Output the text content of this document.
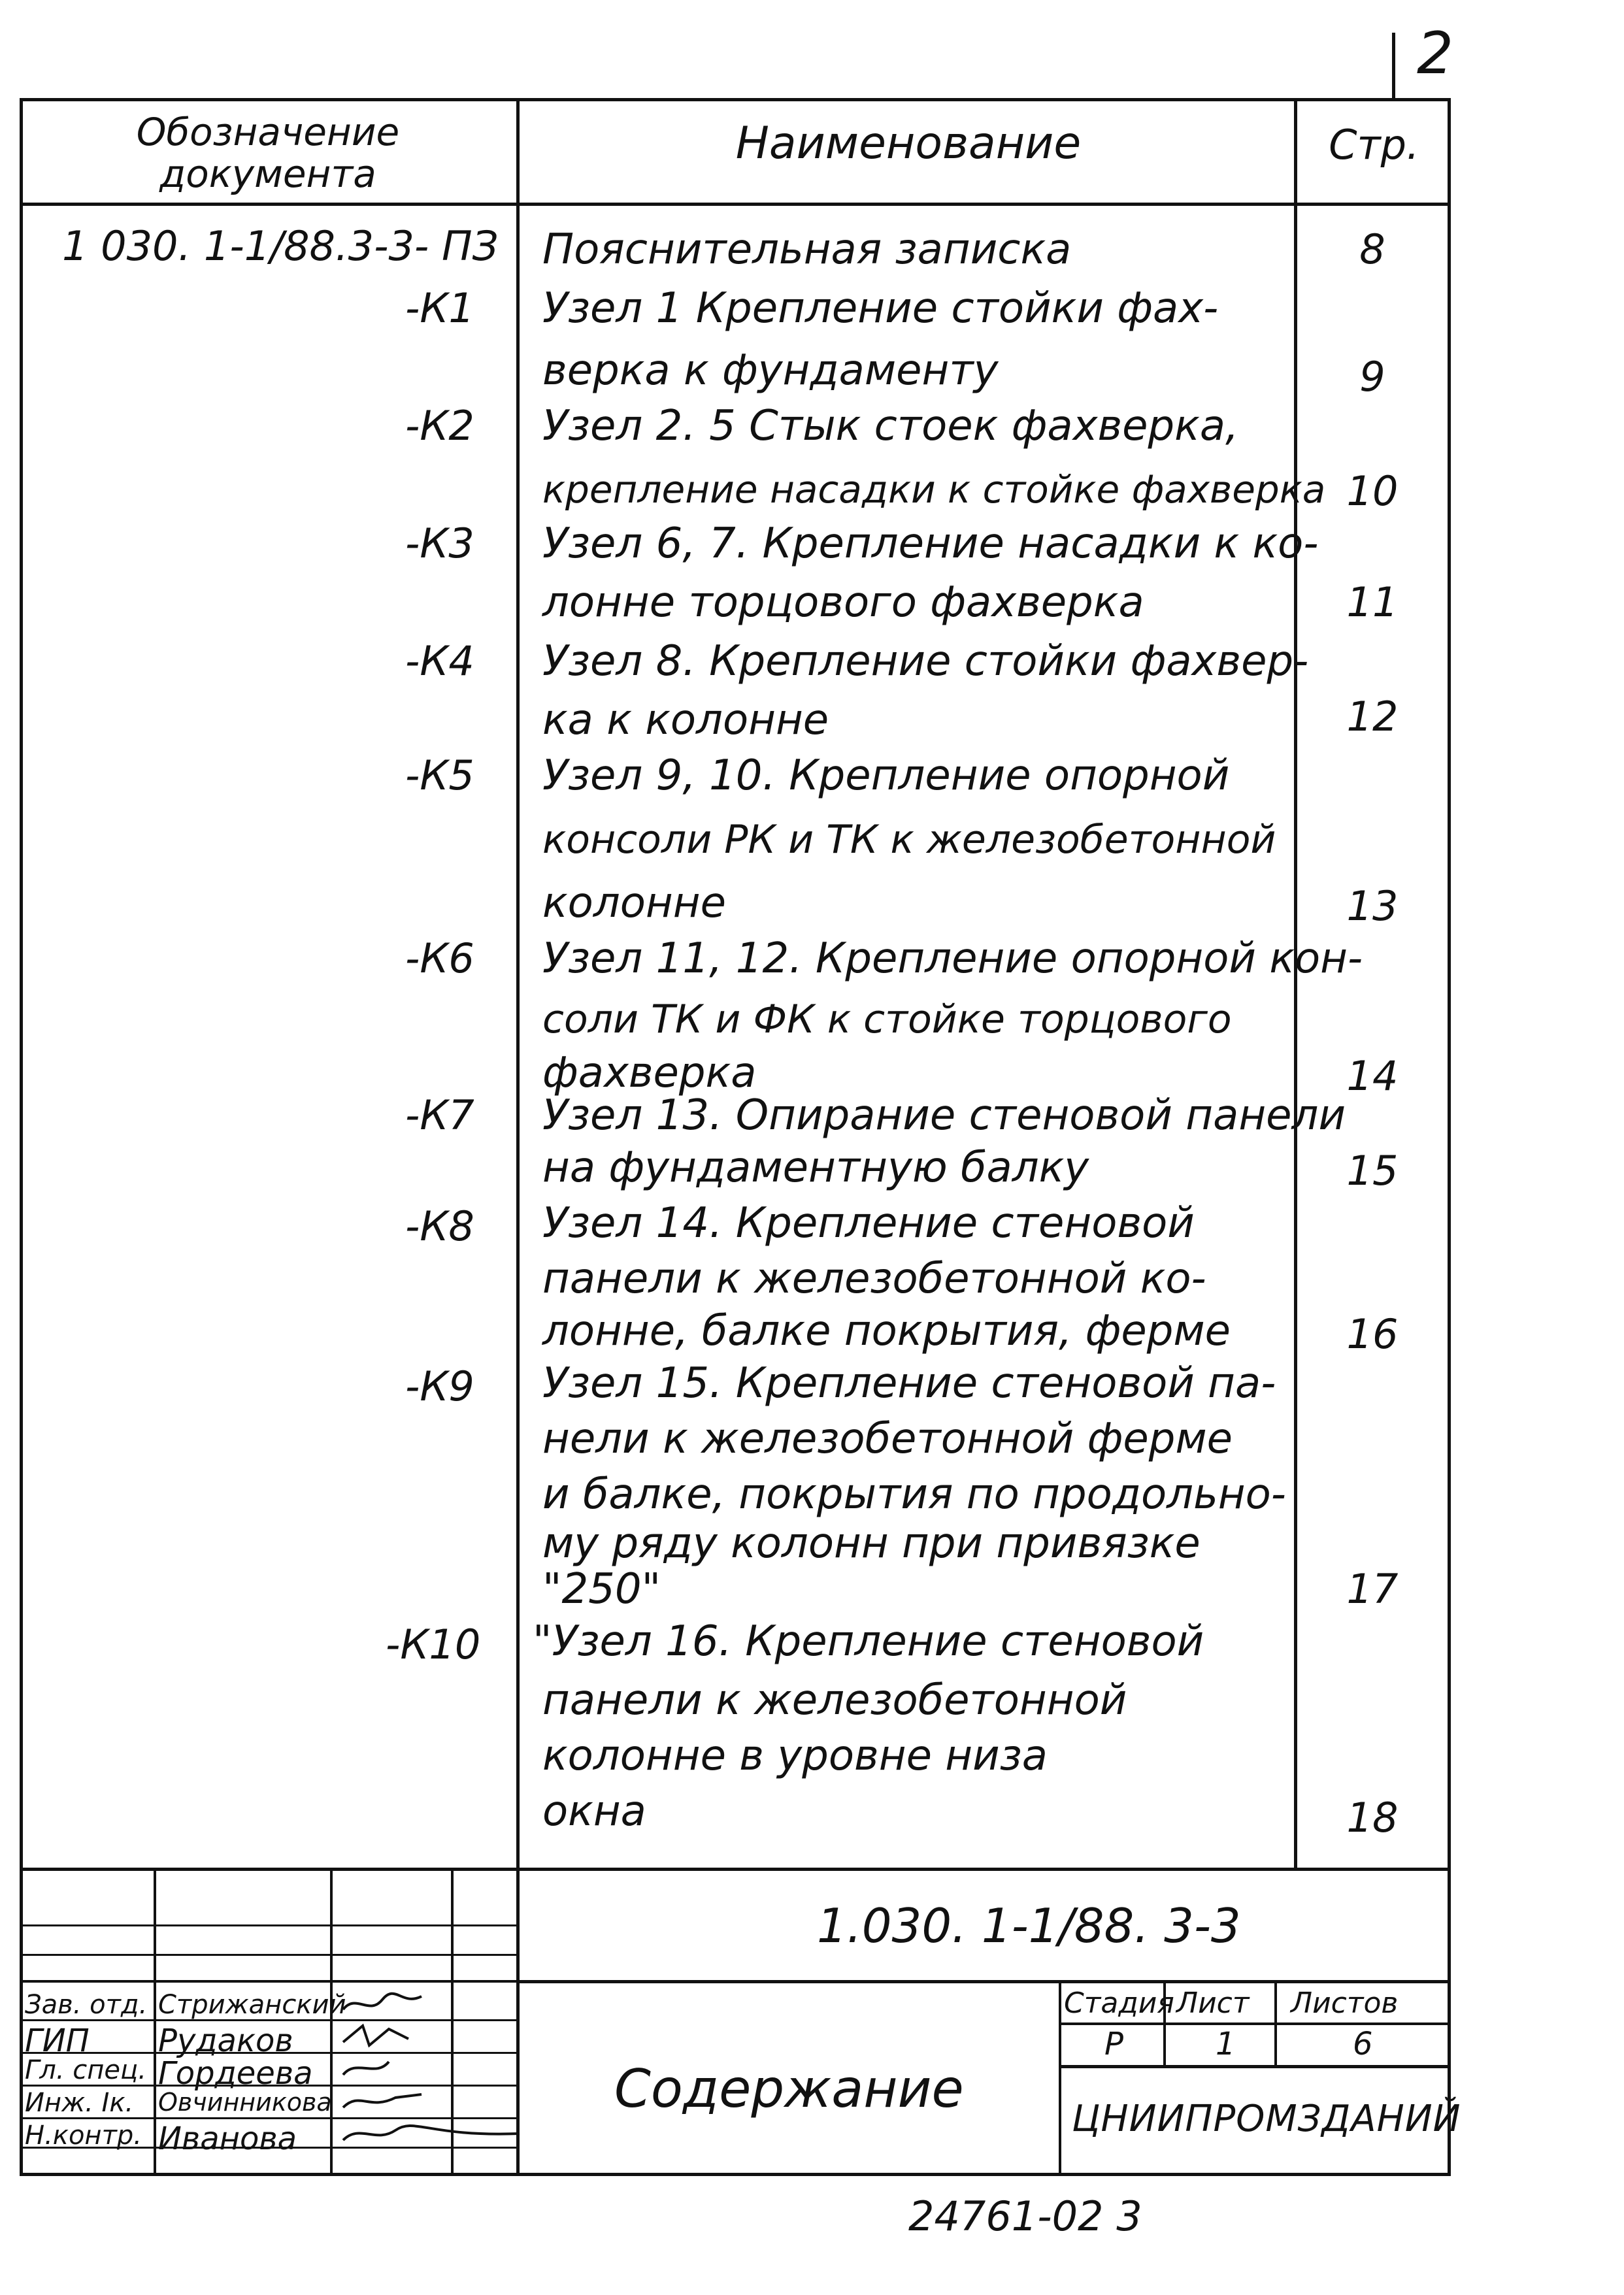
2
Обозначение документа
Наименование	Стр.
1 030. 1-1/88.3-3- ПЗ Пояснительная записка	8
-К1 Узел 1 Крепление стойки фах-
верка к фундаменту	9
-К2 Узел 2. 5 Стык стоек фахверка,
крепление насадки к стойке фахверка 10
-К3 Узел 6, 7. Крепление насадки к ко-
лонне торцового фахверка	11
-К4 Узел 8. Крепление стойки фахвер-
ка к колонне	12
-К5 Узел 9, 10. Крепление опорной
консоли РК и ТК к железобетонной
колонне	13
-К6 Узел 11, 12. Крепление опорной кон-
соли ТК и ФК к стойке торцового
фахверка	14
-К7 Узел 13. Опирание стеновой панели
на фундаментную балку	15
-К8 Узел 14. Крепление стеновой
панели к железобетонной ко-
лонне, балке покрытия, ферме	16
-К9 Узел 15. Крепление стеновой па-
нели к железобетонной ферме
и балке, покрытия по продольно-
му ряду колонн при привязке
"250"	17
-К10 "Узел 16. Крепление стеновой
панели к железобетонной
колонне в уровне низа
окна	18
Зав. отд. Стрижанский
ГИП Рудаков
Гл. спец. Гордеева
Инж. Iк. Овчинникова
Н.контр. Иванова
1.030. 1-1/88. 3-3
Содержание
Стадия Лист Листов
Р	1	6
ЦНИИПРОМЗДАНИЙ
24761-02 3
